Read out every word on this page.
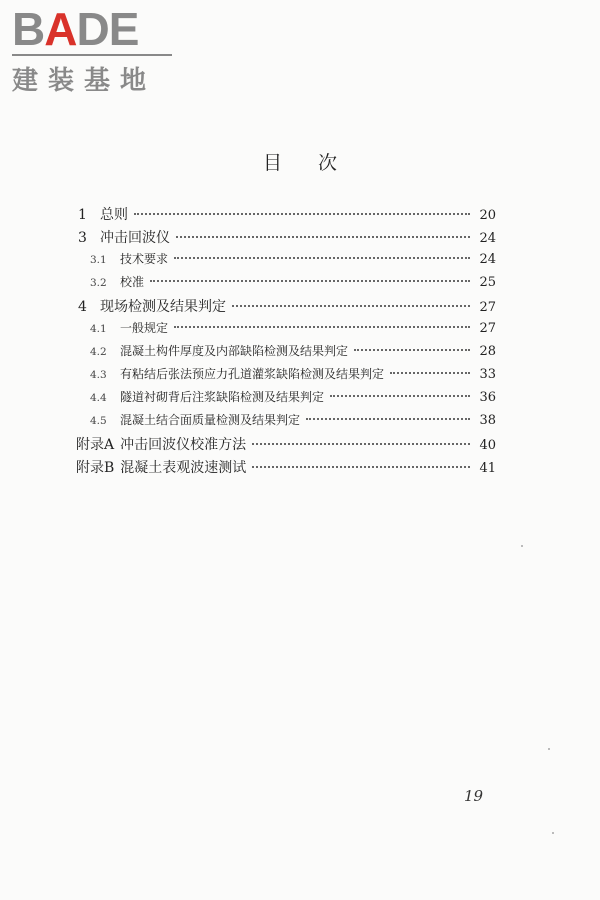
BADE
建装基地
目次
1 总则	20
3 冲击回波仪	24
3.1	技术要求	24
3.2	校准	25
4 现场检测及结果判定	27
4.1	一般规定	27
4.2	混凝土构件厚度及内部缺陷检测及结果判定	28
4.3	有粘结后张法预应力孔道灌浆缺陷检测及结果判定	33
4.4	隧道衬砌背后注浆缺陷检测及结果判定	36
4.5	混凝土结合面质量检测及结果判定	38
附录A 冲击回波仪校准方法	40
附录B 混凝土表观波速测试	41
19
